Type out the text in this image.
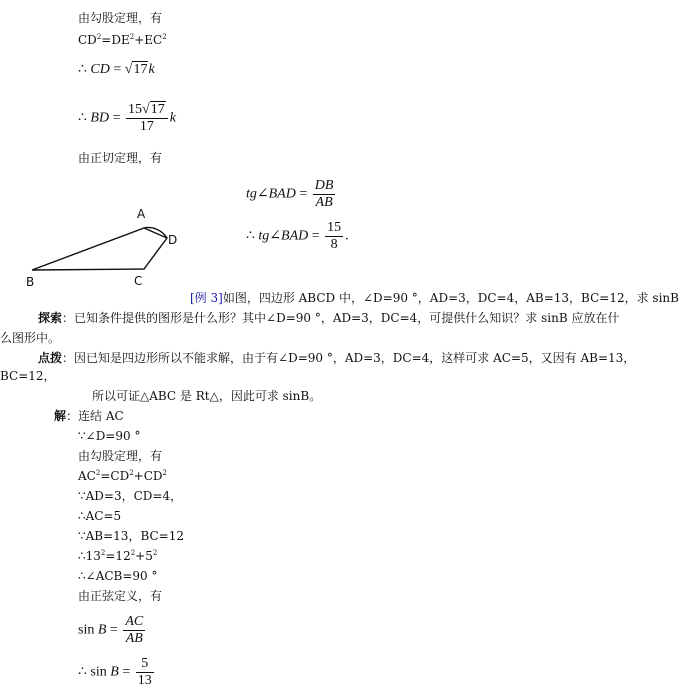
由勾股定理，有
$CD^2=DE^2+EC^2$
∴ CD = √17k
∴ BD = $\frac{15√17}{17}$ k
由正切定理，有
tg∠BAD = $\frac{DB}{AB}$
∴ tg∠BAD = $\frac{15}{8}$ .
A
B	C
D
[例 3]如图，四边形 ABCD 中，∠D=90 °，AD=3，DC=4，AB=13，BC=12，求 sinB
探索：已知条件提供的图形是什么形？其中∠D=90 °，AD=3，DC=4，可提供什么知识？求 sinB 应放在什
么图形中。
点拨：因已知是四边形所以不能求解，由于有∠D=90 °，AD=3，DC=4，这样可求 AC=5，又因有 AB=13，
BC=12，
所以可证△ABC 是 Rt△，因此可求 sinB。
解：连结 AC
∵∠D=90 °
由勾股定理，有
$AC^2=CD^2+CD^2$
∵AD=3，CD=4，
∴AC=5
∵AB=13，BC=12
$\therefore 13^2=12^2+5^2$
∴∠ACB=90 °
由正弦定义，有
$\sin B = \frac{AC}{AB}$
∴ $\sin B = \frac{5}{13}$
